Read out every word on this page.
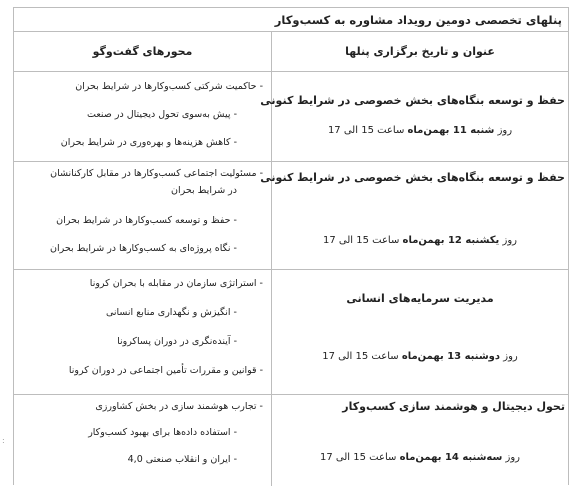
پنلهای تخصصی دومین رویداد مشاوره به کسب‌وکار
عنوان و تاریخ برگزاری پنلها
محورهای گفت‌وگو
حفظ و توسعه بنگاه‌های بخش خصوصی در شرایط کنونی
روز شنبه 11 بهمن‌ماه ساعت 15 الی 17
- حاکمیت شرکتی کسب‌وکارها در شرایط بحران
- پیش به‌سوی تحول دیجیتال در صنعت
- کاهش هزینه‌ها و بهره‌وری در شرایط بحران
حفظ و توسعه بنگاه‌های بخش خصوصی در شرایط کنونی
روز یکشنبه 12 بهمن‌ماه ساعت 15 الی 17
- مسئولیت اجتماعی کسب‌وکارها در مقابل کارکنانشان
در شرایط بحران
- حفظ و توسعه کسب‌وکارها در شرایط بحران
- نگاه پروژه‌ای به کسب‌وکارها در شرایط بحران
مدیریت سرمایه‌های انسانی
روز دوشنبه 13 بهمن‌ماه ساعت 15 الی 17
- استراتژی سازمان در مقابله با بحران کرونا
- انگیزش و نگهداری منابع انسانی
- آینده‌نگری در دوران پساکرونا
- قوانین و مقررات تأمین اجتماعی در دوران کرونا
تحول دیجیتال و هوشمند سازی کسب‌وکار
روز سه‌شنبه 14 بهمن‌ماه ساعت 15 الی 17
- تجارب هوشمند سازی در بخش کشاورزی
- استفاده داده‌ها برای بهبود کسب‌وکار
- ایران و انقلاب صنعتی 4,0
:
